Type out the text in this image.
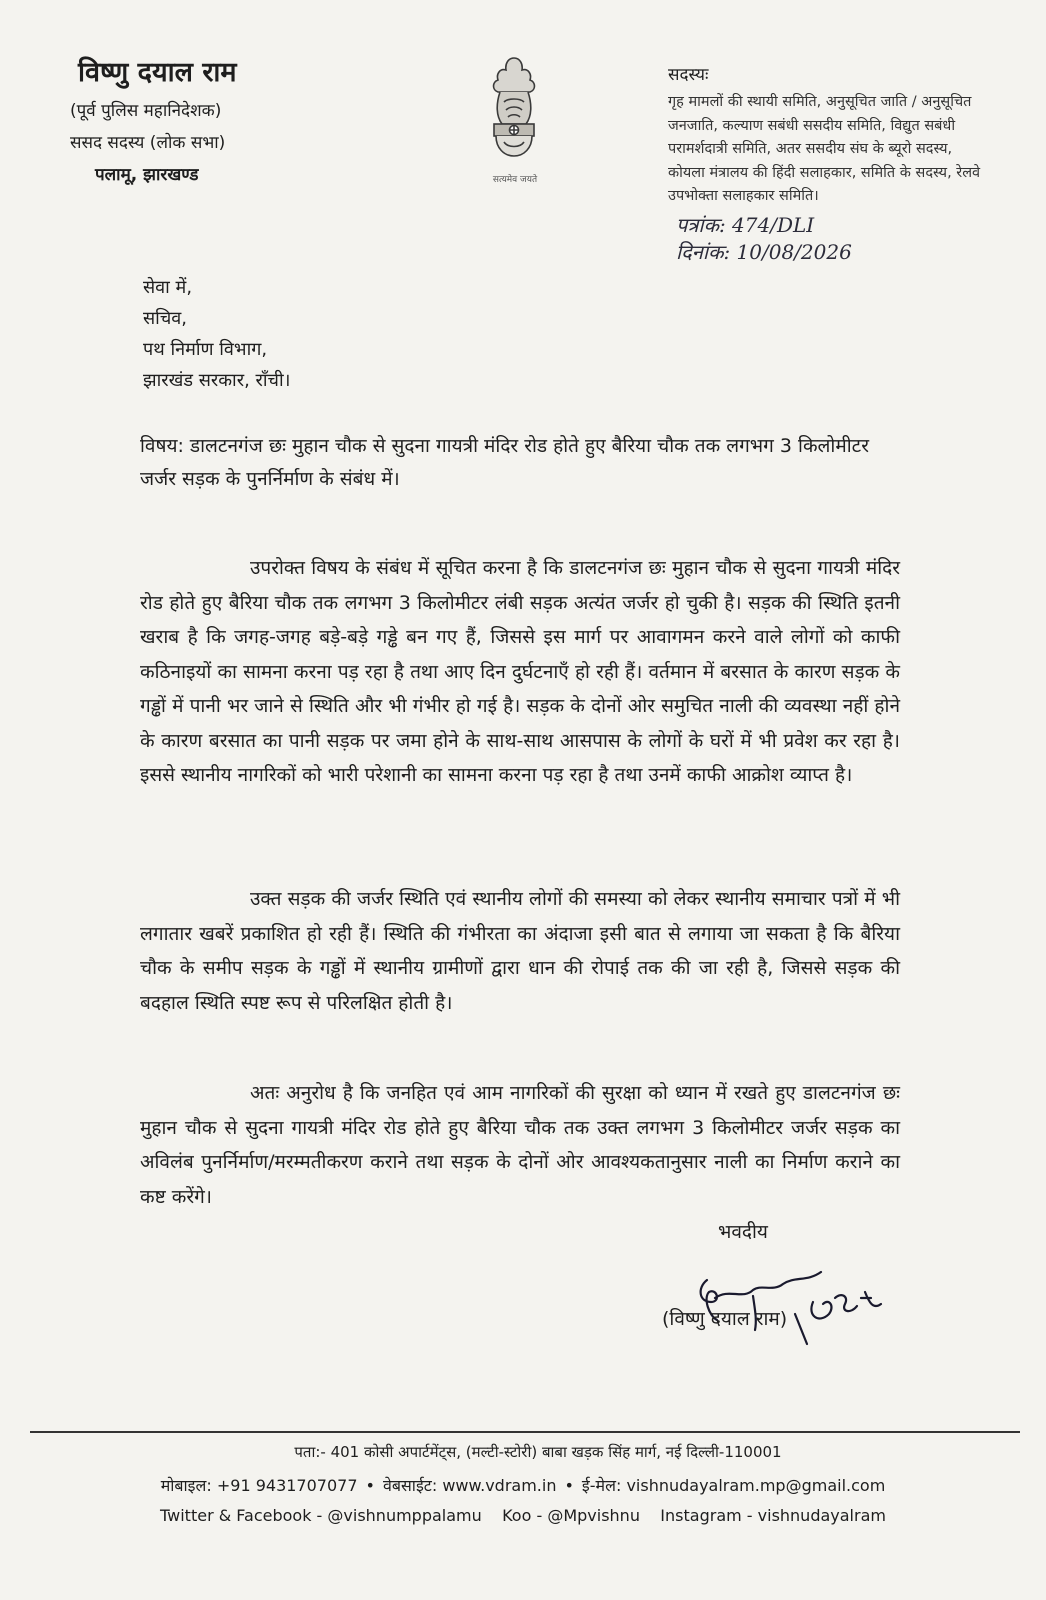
विष्णु दयाल राम
(पूर्व पुलिस महानिदेशक)
ससद सदस्य (लोक सभा)
पलामू, झारखण्ड	सत्यमेव जयते
सदस्यः
गृह मामलों की स्थायी समिति, अनुसूचित जाति / अनुसूचित जनजाति, कल्याण सबंधी ससदीय समिति, विद्युत सबंधी परामर्शदात्री समिति, अतर ससदीय संघ के ब्यूरो सदस्य, कोयला मंत्रालय की हिंदी सलाहकार, समिति के सदस्य, रेलवे उपभोक्ता सलाहकार समिति।
पत्रांक: 474/DLI
दिनांक: 10/08/2026
सेवा में,
सचिव,
पथ निर्माण विभाग,
झारखंड सरकार, राँची।
विषय: डालटनगंज छः मुहान चौक से सुदना गायत्री मंदिर रोड होते हुए बैरिया चौक तक लगभग 3 किलोमीटर जर्जर सड़क के पुनर्निर्माण के संबंध में।
उपरोक्त विषय के संबंध में सूचित करना है कि डालटनगंज छः मुहान चौक से सुदना गायत्री मंदिर रोड होते हुए बैरिया चौक तक लगभग 3 किलोमीटर लंबी सड़क अत्यंत जर्जर हो चुकी है। सड़क की स्थिति इतनी खराब है कि जगह-जगह बड़े-बड़े गड्ढे बन गए हैं, जिससे इस मार्ग पर आवागमन करने वाले लोगों को काफी कठिनाइयों का सामना करना पड़ रहा है तथा आए दिन दुर्घटनाएँ हो रही हैं। वर्तमान में बरसात के कारण सड़क के गड्ढों में पानी भर जाने से स्थिति और भी गंभीर हो गई है। सड़क के दोनों ओर समुचित नाली की व्यवस्था नहीं होने के कारण बरसात का पानी सड़क पर जमा होने के साथ-साथ आसपास के लोगों के घरों में भी प्रवेश कर रहा है। इससे स्थानीय नागरिकों को भारी परेशानी का सामना करना पड़ रहा है तथा उनमें काफी आक्रोश व्याप्त है।
उक्त सड़क की जर्जर स्थिति एवं स्थानीय लोगों की समस्या को लेकर स्थानीय समाचार पत्रों में भी लगातार खबरें प्रकाशित हो रही हैं। स्थिति की गंभीरता का अंदाजा इसी बात से लगाया जा सकता है कि बैरिया चौक के समीप सड़क के गड्ढों में स्थानीय ग्रामीणों द्वारा धान की रोपाई तक की जा रही है, जिससे सड़क की बदहाल स्थिति स्पष्ट रूप से परिलक्षित होती है।
अतः अनुरोध है कि जनहित एवं आम नागरिकों की सुरक्षा को ध्यान में रखते हुए डालटनगंज छः मुहान चौक से सुदना गायत्री मंदिर रोड होते हुए बैरिया चौक तक उक्त लगभग 3 किलोमीटर जर्जर सड़क का अविलंब पुनर्निर्माण/मरम्मतीकरण कराने तथा सड़क के दोनों ओर आवश्यकतानुसार नाली का निर्माण कराने का कष्ट करेंगे।
भवदीय
(विष्णु दयाल राम)
पता:- 401 कोसी अपार्टमेंट्स, (मल्टी-स्टोरी) बाबा खड़क सिंह मार्ग, नई दिल्ली-110001
मोबाइल: +91 9431707077 • वेबसाईट: www.vdram.in • ई-मेल: vishnudayalram.mp@gmail.com
Twitter & Facebook - @vishnumppalamu    Koo - @Mpvishnu    Instagram - vishnudayalram
